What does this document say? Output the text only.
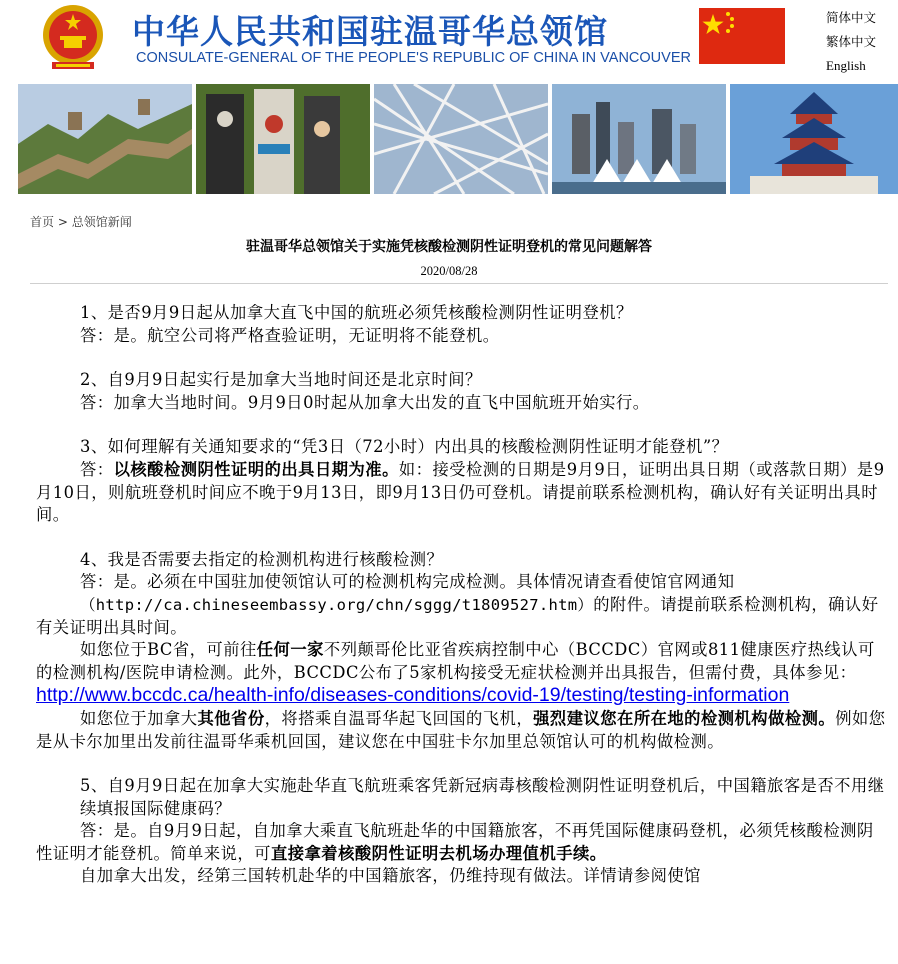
中华人民共和国驻温哥华总领馆
CONSULATE-GENERAL OF THE PEOPLE'S REPUBLIC OF CHINA IN VANCOUVER
简体中文
繁体中文
English
首页 > 总领馆新闻
驻温哥华总领馆关于实施凭核酸检测阴性证明登机的常见问题解答
2020/08/28

1、是否9月9日起从加拿大直飞中国的航班必须凭核酸检测阴性证明登机？

答：是。航空公司将严格查验证明，无证明将不能登机。

2、自9月9日起实行是加拿大当地时间还是北京时间？

答：加拿大当地时间。9月9日0时起从加拿大出发的直飞中国航班开始实行。

3、如何理解有关通知要求的“凭3日（72小时）内出具的核酸检测阴性证明才能登机”？

答：以核酸检测阴性证明的出具日期为准。如：接受检测的日期是9月9日，证明出具日期（或落款日期）是9月10日，则航班登机时间应不晚于9月13日，即9月13日仍可登机。请提前联系检测机构，确认好有关证明出具时间。

4、我是否需要去指定的检测机构进行核酸检测？

答：是。必须在中国驻加使领馆认可的检测机构完成检测。具体情况请查看使馆官网通知

（http://ca.chineseembassy.org/chn/sggg/t1809527.htm）的附件。请提前联系检测机构，确认好有关证明出具时间。

如您位于BC省，可前往任何一家不列颠哥伦比亚省疾病控制中心（BCCDC）官网或811健康医疗热线认可的检测机构/医院申请检测。此外，BCCDC公布了5家机构接受无症状检测并出具报告，但需付费，具体参见：http://www.bccdc.ca/health-info/diseases-conditions/covid-19/testing/testing-information

如您位于加拿大其他省份，将搭乘自温哥华起飞回国的飞机，强烈建议您在所在地的检测机构做检测。例如您是从卡尔加里出发前往温哥华乘机回国，建议您在中国驻卡尔加里总领馆认可的机构做检测。

5、自9月9日起在加拿大实施赴华直飞航班乘客凭新冠病毒核酸检测阴性证明登机后，中国籍旅客是否不用继续填报国际健康码？

答：是。自9月9日起，自加拿大乘直飞航班赴华的中国籍旅客，不再凭国际健康码登机，必须凭核酸检测阴性证明才能登机。简单来说，可直接拿着核酸阴性证明去机场办理值机手续。

自加拿大出发，经第三国转机赴华的中国籍旅客，仍维持现有做法。详情请参阅使馆
